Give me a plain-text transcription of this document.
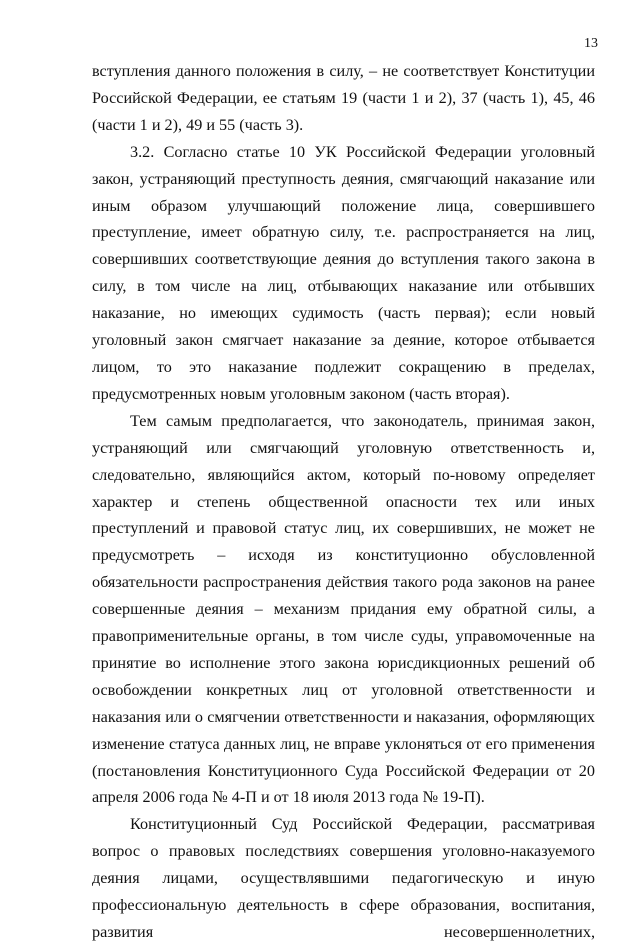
13

вступления данного положения в силу, – не соответствует Конституции Российской Федерации, ее статьям 19 (части 1 и 2), 37 (часть 1), 45, 46 (части 1 и 2), 49 и 55 (часть 3).

3.2. Согласно статье 10 УК Российской Федерации уголовный закон, устраняющий преступность деяния, смягчающий наказание или иным образом улучшающий положение лица, совершившего преступление, имеет обратную силу, т.е. распространяется на лиц, совершивших соответствующие деяния до вступления такого закона в силу, в том числе на лиц, отбывающих наказание или отбывших наказание, но имеющих судимость (часть первая); если новый уголовный закон смягчает наказание за деяние, которое отбывается лицом, то это наказание подлежит сокращению в пределах, предусмотренных новым уголовным законом (часть вторая).

Тем самым предполагается, что законодатель, принимая закон, устраняющий или смягчающий уголовную ответственность и, следовательно, являющийся актом, который по-новому определяет характер и степень общественной опасности тех или иных преступлений и правовой статус лиц, их совершивших, не может не предусмотреть – исходя из конституционно обусловленной обязательности распространения действия такого рода законов на ранее совершенные деяния – механизм придания ему обратной силы, а правоприменительные органы, в том числе суды, управомоченные на принятие во исполнение этого закона юрисдикционных решений об освобождении конкретных лиц от уголовной ответственности и наказания или о смягчении ответственности и наказания, оформляющих изменение статуса данных лиц, не вправе уклоняться от его применения (постановления Конституционного Суда Российской Федерации от 20 апреля 2006 года № 4-П и от 18 июля 2013 года № 19-П).

Конституционный Суд Российской Федерации, рассматривая вопрос о правовых последствиях совершения уголовно-наказуемого деяния лицами, осуществлявшими педагогическую и иную профессиональную деятельность в сфере образования, воспитания, развития несовершеннолетних,
